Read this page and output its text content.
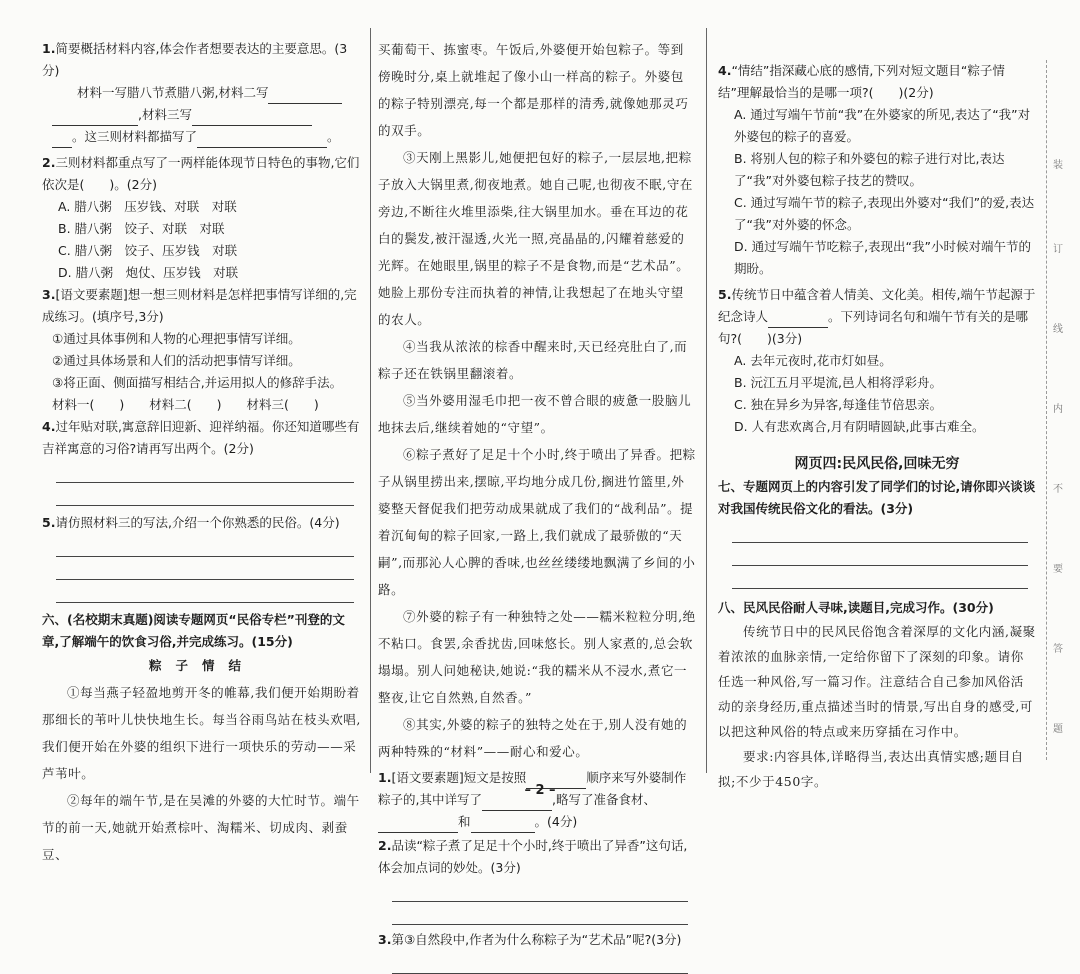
1.简要概括材料内容,体会作者想要表达的主要意思。(3分)

材料一写腊八节煮腊八粥,材料二写

,材料三写

。这三则材料都描写了	。

2.三则材料都重点写了一两样能体现节日特色的事物,它们依次是(　　)。(2分)

A. 腊八粥　压岁钱、对联　对联

B. 腊八粥　饺子、对联　对联

C. 腊八粥　饺子、压岁钱　对联

D. 腊八粥　炮仗、压岁钱　对联

3.[语文要素题]想一想三则材料是怎样把事情写详细的,完成练习。(填序号,3分)

①通过具体事例和人物的心理把事情写详细。

②通过具体场景和人们的活动把事情写详细。

③将正面、侧面描写相结合,并运用拟人的修辞手法。

材料一(　　)　　材料二(　　)　　材料三(　　)

4.过年贴对联,寓意辞旧迎新、迎祥纳福。你还知道哪些有吉祥寓意的习俗?请再写出两个。(2分)

5.请仿照材料三的写法,介绍一个你熟悉的民俗。(4分)

六、(名校期末真题)阅读专题网页“民俗专栏”刊登的文章,了解端午的饮食习俗,并完成练习。(15分)

粽子情结

①每当燕子轻盈地剪开冬的帷幕,我们便开始期盼着那细长的苇叶儿快快地生长。每当谷雨鸟站在枝头欢唱,我们便开始在外婆的组织下进行一项快乐的劳动——采芦苇叶。

②每年的端午节,是在吴滩的外婆的大忙时节。端午节的前一天,她就开始煮棕叶、淘糯米、切成肉、剥蚕豆、

买葡萄干、拣蜜枣。午饭后,外婆便开始包粽子。等到傍晚时分,桌上就堆起了像小山一样高的粽子。外婆包的粽子特别漂亮,每一个都是那样的清秀,就像她那灵巧的双手。

③天刚上黑影儿,她便把包好的粽子,一层层地,把粽子放入大锅里煮,彻夜地煮。她自己呢,也彻夜不眠,守在旁边,不断往火堆里添柴,往大锅里加水。垂在耳边的花白的鬓发,被汗湿透,火光一照,亮晶晶的,闪耀着慈爱的光辉。在她眼里,锅里的粽子不是食物,而是“艺术品”。她脸上那份专注而执着的神情,让我想起了在地头守望的农人。

④当我从浓浓的棕香中醒来时,天已经亮肚白了,而粽子还在铁锅里翻滚着。

⑤当外婆用湿毛巾把一夜不曾合眼的疲惫一股脑儿地抹去后,继续着她的“守望”。

⑥粽子煮好了足足十个小时,终于喷出了异香。把粽子从锅里捞出来,摆晾,平均地分成几份,搁进竹篮里,外婆整天督促我们把劳动成果就成了我们的“战利品”。提着沉甸甸的粽子回家,一路上,我们就成了最骄傲的“天嗣”,而那沁人心脾的香味,也丝丝缕缕地飘满了乡间的小路。

⑦外婆的粽子有一种独特之处——糯米粒粒分明,绝不粘口。食罢,余香扰齿,回味悠长。别人家煮的,总会软塌塌。别人问她秘诀,她说:“我的糯米从不浸水,煮它一整夜,让它自然熟,自然香。”

⑧其实,外婆的粽子的独特之处在于,别人没有她的两种特殊的“材料”——耐心和爱心。

1.[语文要素题]短文是按照	顺序来写外婆制作粽子的,其中详写了	,略写了准备食材、和	。(4分)

2.品读“粽子煮了足足十个小时,终于喷出了异香”这句话,体会加点词的妙处。(3分)

3.第③自然段中,作者为什么称粽子为“艺术品”呢?(3分)

4.“情结”指深藏心底的感情,下列对短文题目“粽子情结”理解最恰当的是哪一项?(　　)(2分)

A. 通过写端午节前“我”在外婆家的所见,表达了“我”对外婆包的粽子的喜爱。

B. 将别人包的粽子和外婆包的粽子进行对比,表达了“我”对外婆包粽子技艺的赞叹。

C. 通过写端午节的粽子,表现出外婆对“我们”的爱,表达了“我”对外婆的怀念。

D. 通过写端午节吃粽子,表现出“我”小时候对端午节的期盼。

5.传统节日中蕴含着人情美、文化美。相传,端午节起源于纪念诗人	。下列诗词名句和端午节有关的是哪句?(　　)(3分)

A. 去年元夜时,花市灯如昼。

B. 沅江五月平堤流,邑人相将浮彩舟。

C. 独在异乡为异客,每逢佳节倍思亲。

D. 人有悲欢离合,月有阴晴圆缺,此事古难全。

网页四:民风民俗,回味无穷

七、专题网页上的内容引发了同学们的讨论,请你即兴谈谈对我国传统民俗文化的看法。(3分)

八、民风民俗耐人寻味,读题目,完成习作。(30分)

传统节日中的民风民俗饱含着深厚的文化内涵,凝聚着浓浓的血脉亲情,一定给你留下了深刻的印象。请你任选一种风俗,写一篇习作。注意结合自己参加风俗活动的亲身经历,重点描述当时的情景,写出自身的感受,可以把这种风俗的特点或来历穿插在习作中。

要求:内容具体,详略得当,表达出真情实感;题目自拟;不少于450字。

装
订
线
内
不
要
答
题
– 2 –
